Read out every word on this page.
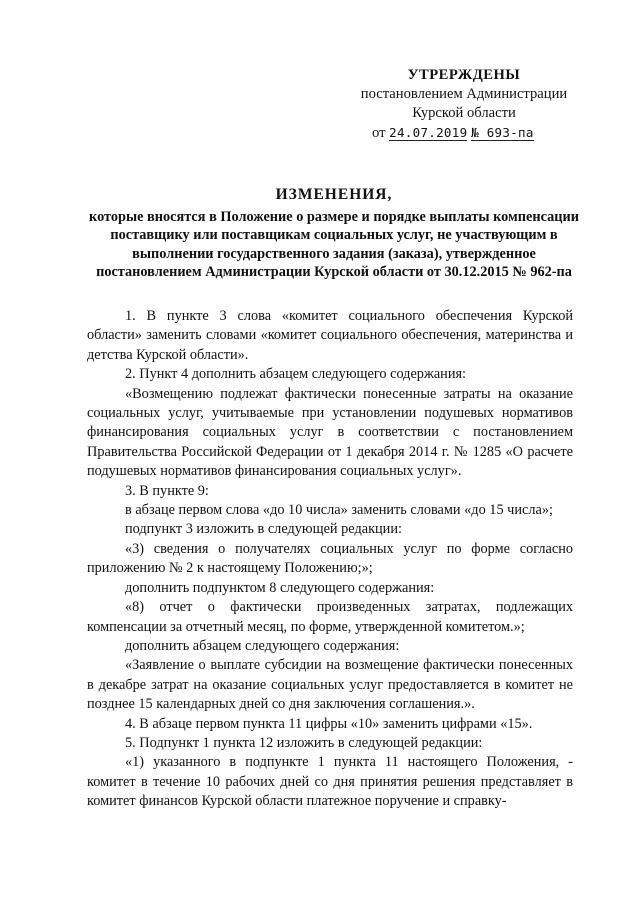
УТРЕРЖДЕНЫ
постановлением Администрации
Курской области
от 24.07.2019 № 693-па
ИЗМЕНЕНИЯ,
которые вносятся в Положение о размере и порядке выплаты компенсации поставщику или поставщикам социальных услуг, не участвующим в выполнении государственного задания (заказа), утвержденное постановлением Администрации Курской области от 30.12.2015 № 962-па

1. В пункте 3 слова «комитет социального обеспечения Курской области» заменить словами «комитет социального обеспечения, материнства и детства Курской области».

2. Пункт 4 дополнить абзацем следующего содержания:

«Возмещению подлежат фактически понесенные затраты на оказание социальных услуг, учитываемые при установлении подушевых нормативов финансирования социальных услуг в соответствии с постановлением Правительства Российской Федерации от 1 декабря 2014 г. № 1285 «О расчете подушевых нормативов финансирования социальных услуг».

3. В пункте 9:

в абзаце первом слова «до 10 числа» заменить словами «до 15 числа»;

подпункт 3 изложить в следующей редакции:

«3) сведения о получателях социальных услуг по форме согласно приложению № 2 к настоящему Положению;»;

дополнить подпунктом 8 следующего содержания:

«8) отчет о фактически произведенных затратах, подлежащих компенсации за отчетный месяц, по форме, утвержденной комитетом.»;

дополнить абзацем следующего содержания:

«Заявление о выплате субсидии на возмещение фактически понесенных в декабре затрат на оказание социальных услуг предоставляется в комитет не позднее 15 календарных дней со дня заключения соглашения.».

4. В абзаце первом пункта 11 цифры «10» заменить цифрами «15».

5. Подпункт 1 пункта 12 изложить в следующей редакции:

«1) указанного в подпункте 1 пункта 11 настоящего Положения, - комитет в течение 10 рабочих дней со дня принятия решения представляет в комитет финансов Курской области платежное поручение и справку-
